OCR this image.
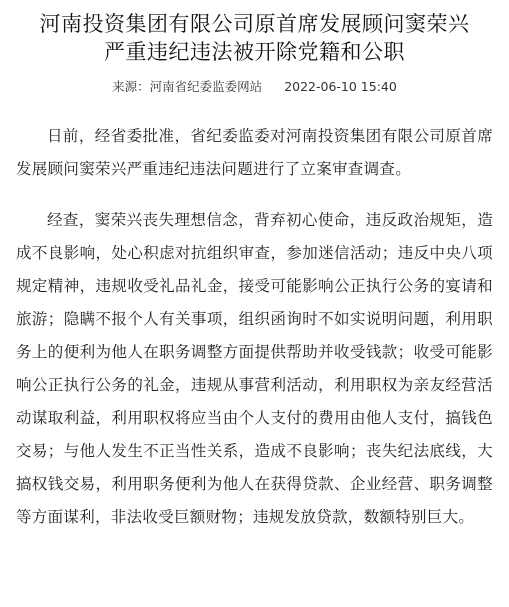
河南投资集团有限公司原首席发展顾问窦荣兴
严重违纪违法被开除党籍和公职
来源：河南省纪委监委网站 2022-06-10 15:40

日前，经省委批准，省纪委监委对河南投资集团有限公司原首席发展顾问窦荣兴严重违纪违法问题进行了立案审查调查。

经查，窦荣兴丧失理想信念，背弃初心使命，违反政治规矩，造成不良影响，处心积虑对抗组织审查，参加迷信活动；违反中央八项规定精神，违规收受礼品礼金，接受可能影响公正执行公务的宴请和旅游；隐瞒不报个人有关事项，组织函询时不如实说明问题，利用职务上的便利为他人在职务调整方面提供帮助并收受钱款；收受可能影响公正执行公务的礼金，违规从事营利活动，利用职权为亲友经营活动谋取利益，利用职权将应当由个人支付的费用由他人支付，搞钱色交易；与他人发生不正当性关系，造成不良影响；丧失纪法底线，大搞权钱交易，利用职务便利为他人在获得贷款、企业经营、职务调整等方面谋利，非法收受巨额财物；违规发放贷款，数额特别巨大。
